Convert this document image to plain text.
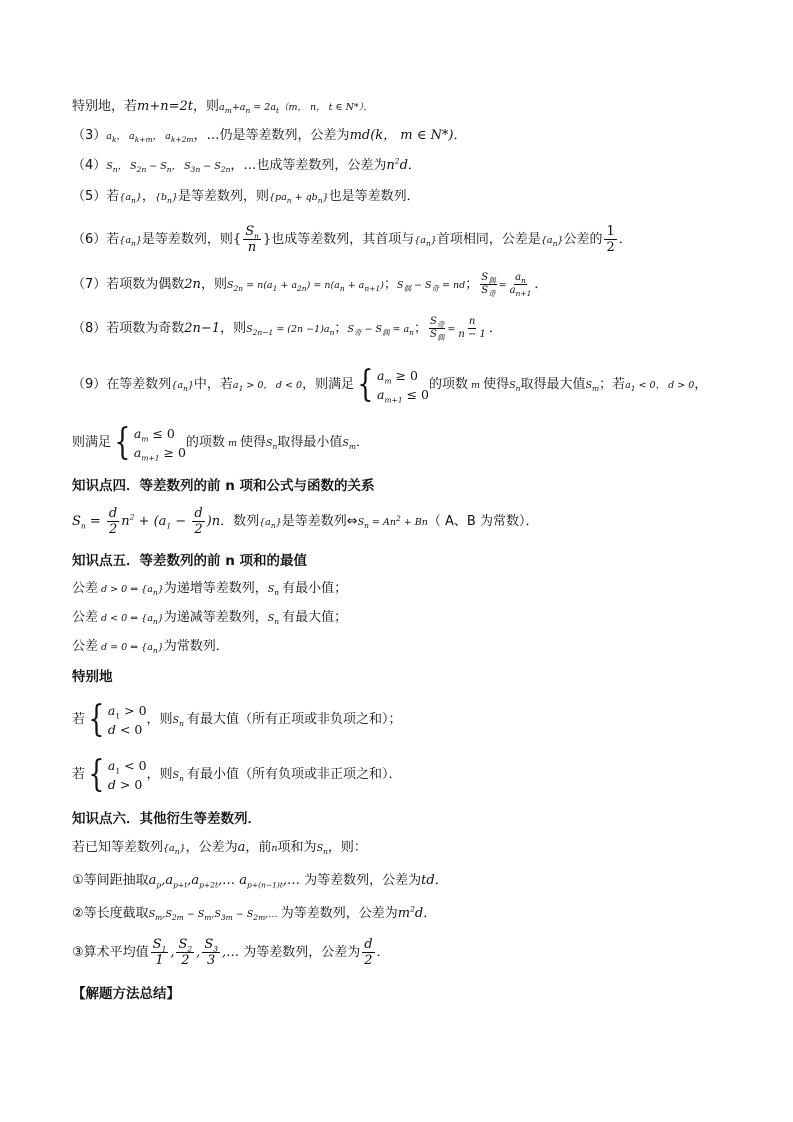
特别地，若m+n=2t，则$a_m+a_n = 2a_t(m$， n， t ∈ N*）．
$(3)a_k$， $a_{k+m}$， $a_{k+2m}$，…仍是等差数列，公差为md(k， m ∈ N*)．
$(4)S_n$， $S_{2n} - S_n$， $S_{3n} - S_{2n}$，…也成等差数列，公差为$n^2d$．
（5）若$\{a_n\}$，$\{b_n\}$是等差数列，则$\{pa_n + qb_n\}$也是等差数列．
（6）若$\{a_n\}$是等差数列，则{ $\frac{S_n}{n}$ }也成等差数列，其首项与$\{a_n\}$首项相同，公差是$\{a_n\}$公差的 $\frac{1}{2}$ ．
（7）若项数为偶数2n，则$S_{2n} = n(a_1 + a_{2n}) = n(a_n + a_{n+1})$；$S_偶 - S_奇$ = nd； $S_偶$
$S_奇$
= $\frac{a_n}{a_{n+1}}$ ．
（8）若项数为奇数2n−1，则$S_{2n-1} = (2n -1)a_n$；$S_奇 - S_偶 = a_n$； $S_奇$
$S_偶$
= $\frac{n}{n - 1}$ ．
（9）在等差数列$\{a_n\}$中，若$a_1 > 0$， d < 0，则满足 { $a_m \ge 0$
$a_{m+1} \le 0$
的项数 m 使得$S_n$取得最大值$S_m$；若$a_1 < 0$， d > 0，
则满足 { $a_m \le 0$
$a_{m+1} \ge 0$
的项数 m 使得$S_n$取得最小值$S_m$．
知识点四．等差数列的前 n 项和公式与函数的关系
$S_n = \frac{d}{2} n^2 + (a_1 - \frac{d}{2} )n$．数列$\{a_n\}$是等差数列$\Leftrightarrow S_n = An^2 + Bn$（ A、B 为常数）．
知识点五．等差数列的前 n 项和的最值
公差 d > 0 ⇔ $\{a_n\}$为递增等差数列，$S_n$ 有最小值；
公差 d < 0 ⇔ $\{a_n\}$为递减等差数列，$S_n$ 有最大值；
公差 d = 0 ⇔ $\{a_n\}$为常数列．
特别地
若 { $a_1 > 0$
d < 0
，则$S_n$ 有最大值（所有正项或非负项之和）；
若 { $a_1 < 0$
d > 0
，则$S_n$ 有最小值（所有负项或非正项之和）．
知识点六．其他衍生等差数列．
若已知等差数列$\{a_n\}$，公差为a，前n项和为$S_n$，则：
①等间距抽取$a_p,a_{p+t},a_{p+2t},\dots$ $a_{p+(n-1)t},\dots$ 为等差数列，公差为td．
②等长度截取$S_m,S_{2m} - S_m,S_{3m}$ − $S_{2m},\dots$ 为等差数列，公差为$m^2d$．
③算术平均值 $\frac{S_1}{1}$ , $\frac{S_2}{2}$ , $\frac{S_3}{3}$ ,… 为等差数列，公差为 $\frac{d}{2}$ ．
【解题方法总结】
